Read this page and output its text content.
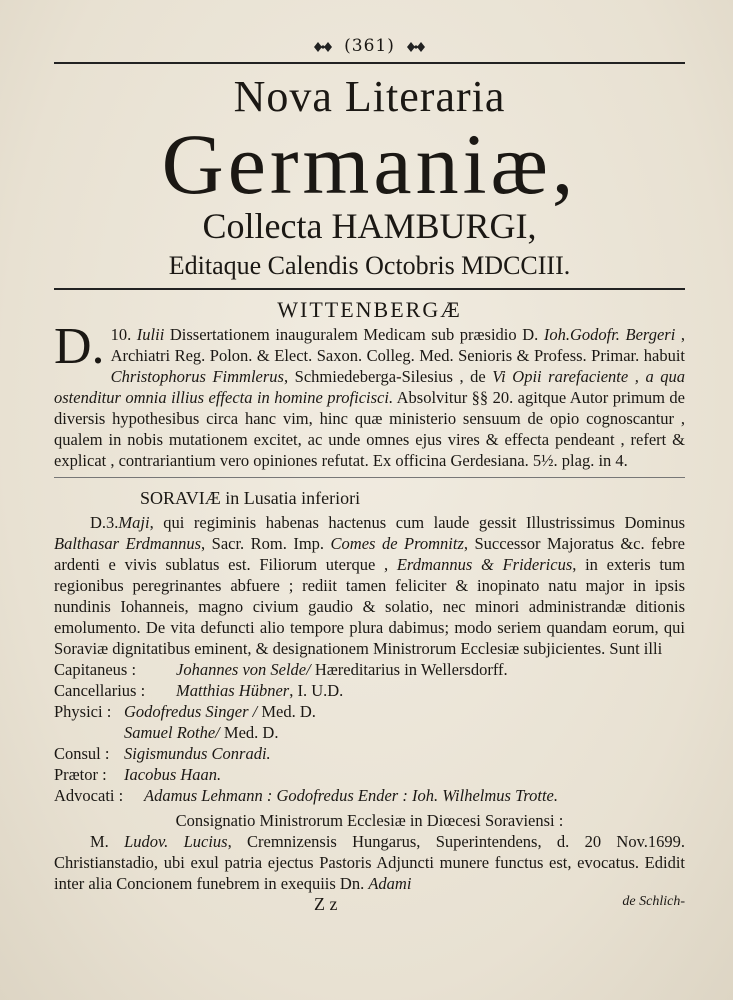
(361)
Nova Literaria
Germaniæ,
Collecta HAMBURGI,
Editaque Calendis Octobris MDCCIII.
WITTENBERGÆ

D. 10. Iulii Dissertationem inauguralem Medicam sub præsidio D. Ioh.Godofr. Bergeri , Archiatri Reg. Polon. & Elect. Saxon. Colleg. Med. Senioris & Profess. Primar. habuit Christophorus Fimmlerus, Schmiedeberga-Silesius , de Vi Opii rarefaciente , a qua ostenditur omnia illius effecta in homine proficisci. Absolvitur §§ 20. agitque Autor primum de diversis hypothesibus circa hanc vim, hinc quæ ministerio sensuum de opio cognoscantur , qualem in nobis mutationem excitet, ac unde omnes ejus vires & effecta pendeant , refert & explicat , contrariantium vero opiniones refutat. Ex officina Gerdesiana. 5½. plag. in 4.

SORAVIÆ in Lusatia inferiori

D.3.Maji, qui regiminis habenas hactenus cum laude gessit Illustrissimus Dominus Balthasar Erdmannus, Sacr. Rom. Imp. Comes de Promnitz, Successor Majoratus &c. febre ardenti e vivis sublatus est. Filiorum uterque , Erdmannus & Fridericus, in exteris tum regionibus peregrinantes abfuere ; rediit tamen feliciter & inopinato natu major in ipsis nundinis Iohanneis, magno civium gaudio & solatio, nec minori administrandæ ditionis emolumento. De vita defuncti alio tempore plura dabimus; modo seriem quandam eorum, qui Soraviæ dignitatibus eminent, & designationem Ministrorum Ecclesiæ subjicientes. Sunt illi

Capitaneus :	Johannes von Selde/ Hæreditarius in Wellersdorff.
Cancellarius :	Matthias Hübner, I. U.D.
Physici : Godofredus Singer / Med. D.
Samuel Rothe/ Med. D.
Consul : Sigismundus Conradi.
Prætor :	Iacobus Haan.
Advocati :	Adamus Lehmann : Godofredus Ender : Ioh. Wilhelmus Trotte.
Consignatio Ministrorum Ecclesiæ in Diœcesi Soraviensi :

M. Ludov. Lucius, Cremnizensis Hungarus, Superintendens, d. 20 Nov.1699. Christianstadio, ubi exul patria ejectus Pastoris Adjuncti munere functus est, evocatus. Edidit inter alia Concionem funebrem in exequiis Dn. Adami

Z z	de Schlich-
